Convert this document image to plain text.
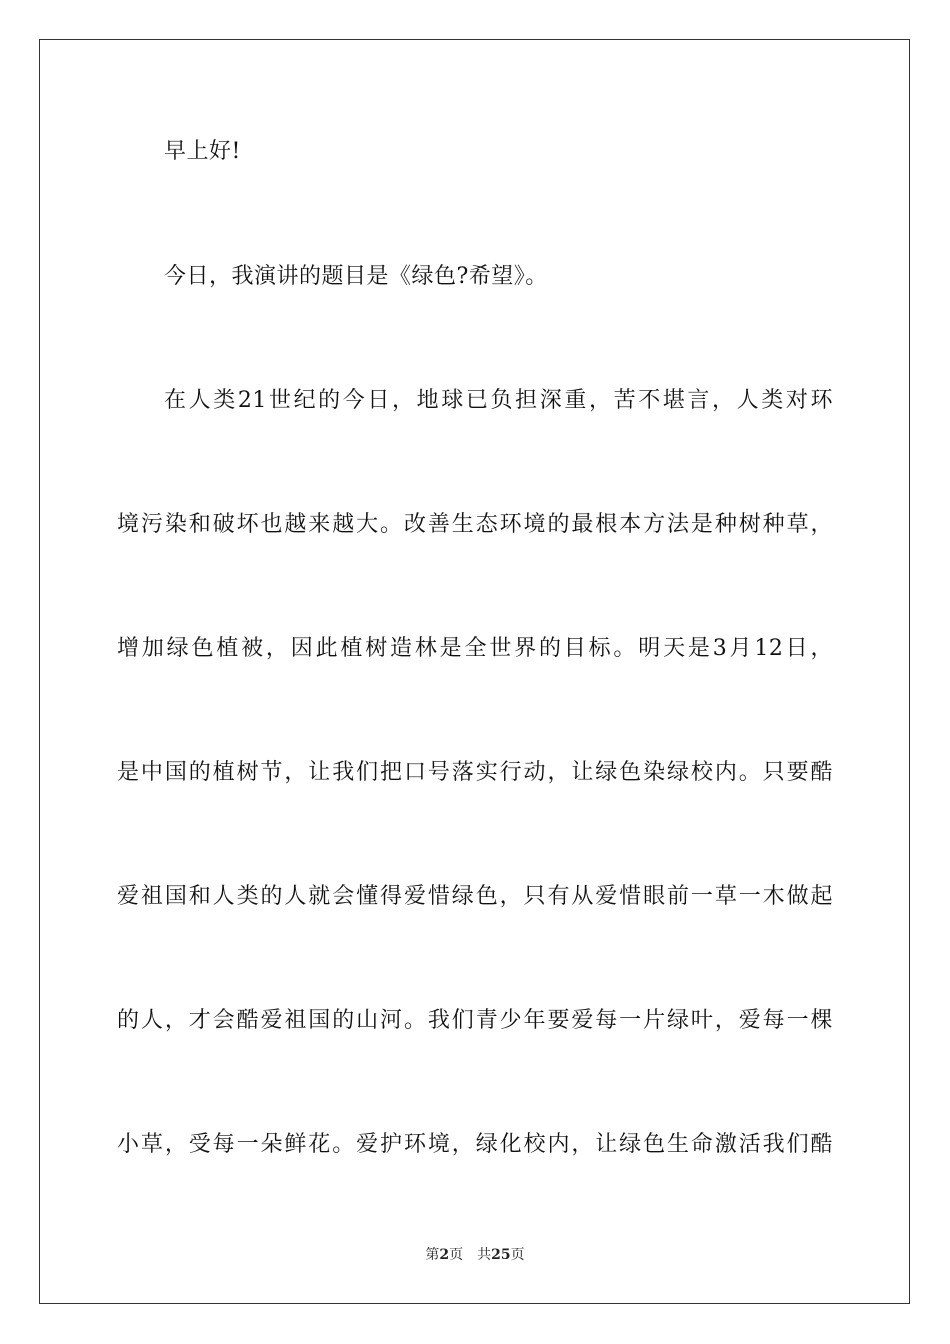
早上好!
今日，我演讲的题目是《绿色?希望》。
在人类21世纪的今日，地球已负担深重，苦不堪言，人类对环
境污染和破坏也越来越大。改善生态环境的最根本方法是种树种草，
增加绿色植被，因此植树造林是全世界的目标。明天是3月12日，
是中国的植树节，让我们把口号落实行动，让绿色染绿校内。只要酷
爱祖国和人类的人就会懂得爱惜绿色，只有从爱惜眼前一草一木做起
的人，才会酷爱祖国的山河。我们青少年要爱每一片绿叶，爱每一棵
小草，受每一朵鲜花。爱护环境，绿化校内，让绿色生命激活我们酷
第2页 共25页
